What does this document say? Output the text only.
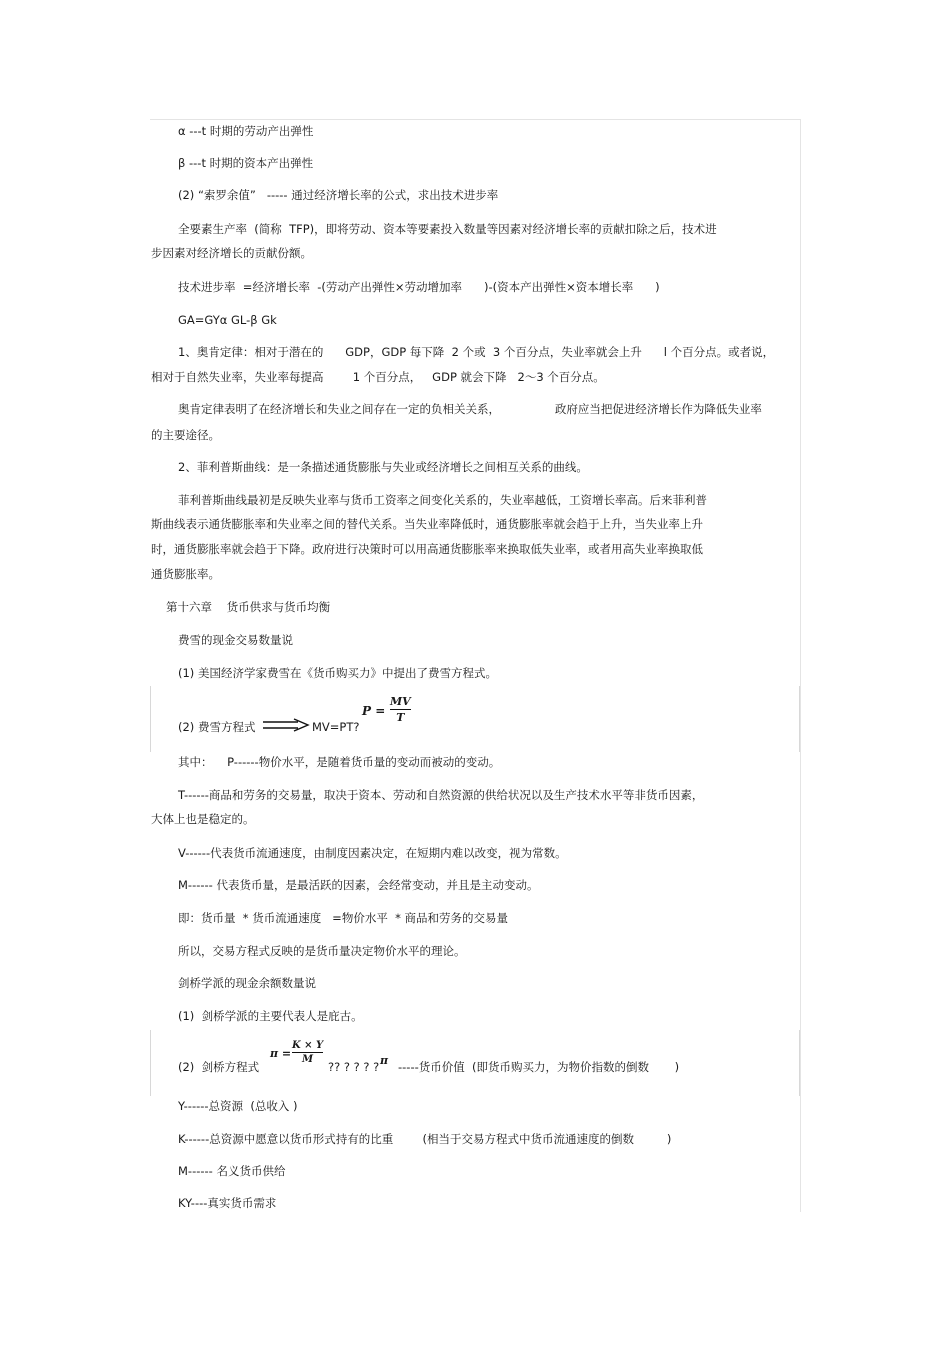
α ---t 时期的劳动产出弹性
β ---t 时期的资本产出弹性
(2) “索罗余值”   ----- 通过经济增长率的公式，求出技术进步率
全要素生产率  (简称  TFP)，即将劳动、资本等要素投入数量等因素对经济增长率的贡献扣除之后，技术进
步因素对经济增长的贡献份额。
技术进步率  =经济增长率  -(劳动产出弹性×劳动增加率      )-(资本产出弹性×资本增长率      )
GA=GYα GL-β Gk
1、奥肯定律：相对于潜在的      GDP，GDP 每下降  2 个或  3 个百分点，失业率就会上升      l 个百分点。或者说，
相对于自然失业率，失业率每提高        1 个百分点，   GDP 就会下降   2～3 个百分点。
奥肯定律表明了在经济增长和失业之间存在一定的负相关关系，               政府应当把促进经济增长作为降低失业率
的主要途径。
2、菲利普斯曲线：是一条描述通货膨胀与失业或经济增长之间相互关系的曲线。
菲利普斯曲线最初是反映失业率与货币工资率之间变化关系的，失业率越低，工资增长率高。后来菲利普
斯曲线表示通货膨胀率和失业率之间的替代关系。当失业率降低时，通货膨胀率就会趋于上升，当失业率上升
时，通货膨胀率就会趋于下降。政府进行决策时可以用高通货膨胀率来换取低失业率，或者用高失业率换取低
通货膨胀率。
第十六章    货币供求与货币均衡
费雪的现金交易数量说
(1) 美国经济学家费雪在《货币购买力》中提出了费雪方程式。
(2) 费雪方程式	MV=PT?
P =
MV
T
其中：    P------物价水平，是随着货币量的变动而被动的变动。
T------商品和劳务的交易量，取决于资本、劳动和自然资源的供给状况以及生产技术水平等非货币因素，
大体上也是稳定的。
V------代表货币流通速度，由制度因素决定，在短期内难以改变，视为常数。
M------ 代表货币量，是最活跃的因素，会经常变动，并且是主动变动。
即：货币量  * 货币流通速度   =物价水平  * 商品和劳务的交易量
所以，交易方程式反映的是货币量决定物价水平的理论。
剑桥学派的现金余额数量说
(1)  剑桥学派的主要代表人是庇古。
(2)  剑桥方程式
π =
K × Y
M
?? ? ? ? ? π -----货币价值  (即货币购买力，为物价指数的倒数       )
Y------总资源  (总收入 )
K------总资源中愿意以货币形式持有的比重        (相当于交易方程式中货币流通速度的倒数         )
M------ 名义货币供给
KY----真实货币需求
